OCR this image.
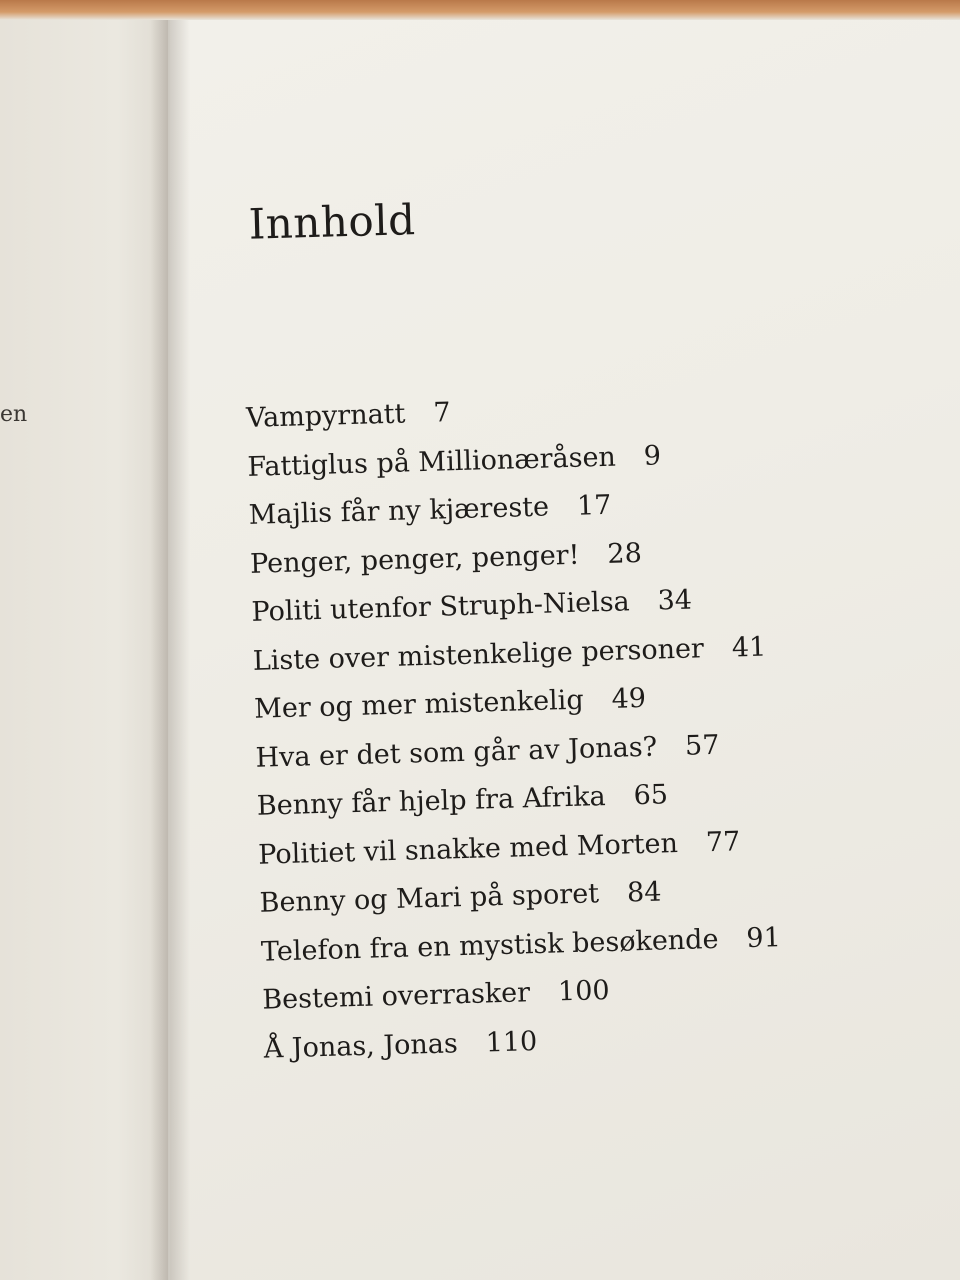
en
Innhold
Vampyrnatt 7
Fattiglus på Millionæråsen 9
Majlis får ny kjæreste 17
Penger, penger, penger! 28
Politi utenfor Struph-Nielsa 34
Liste over mistenkelige personer 41
Mer og mer mistenkelig 49
Hva er det som går av Jonas? 57
Benny får hjelp fra Afrika 65
Politiet vil snakke med Morten 77
Benny og Mari på sporet 84
Telefon fra en mystisk besøkende 91
Bestemi overrasker 100
Å Jonas, Jonas 110
